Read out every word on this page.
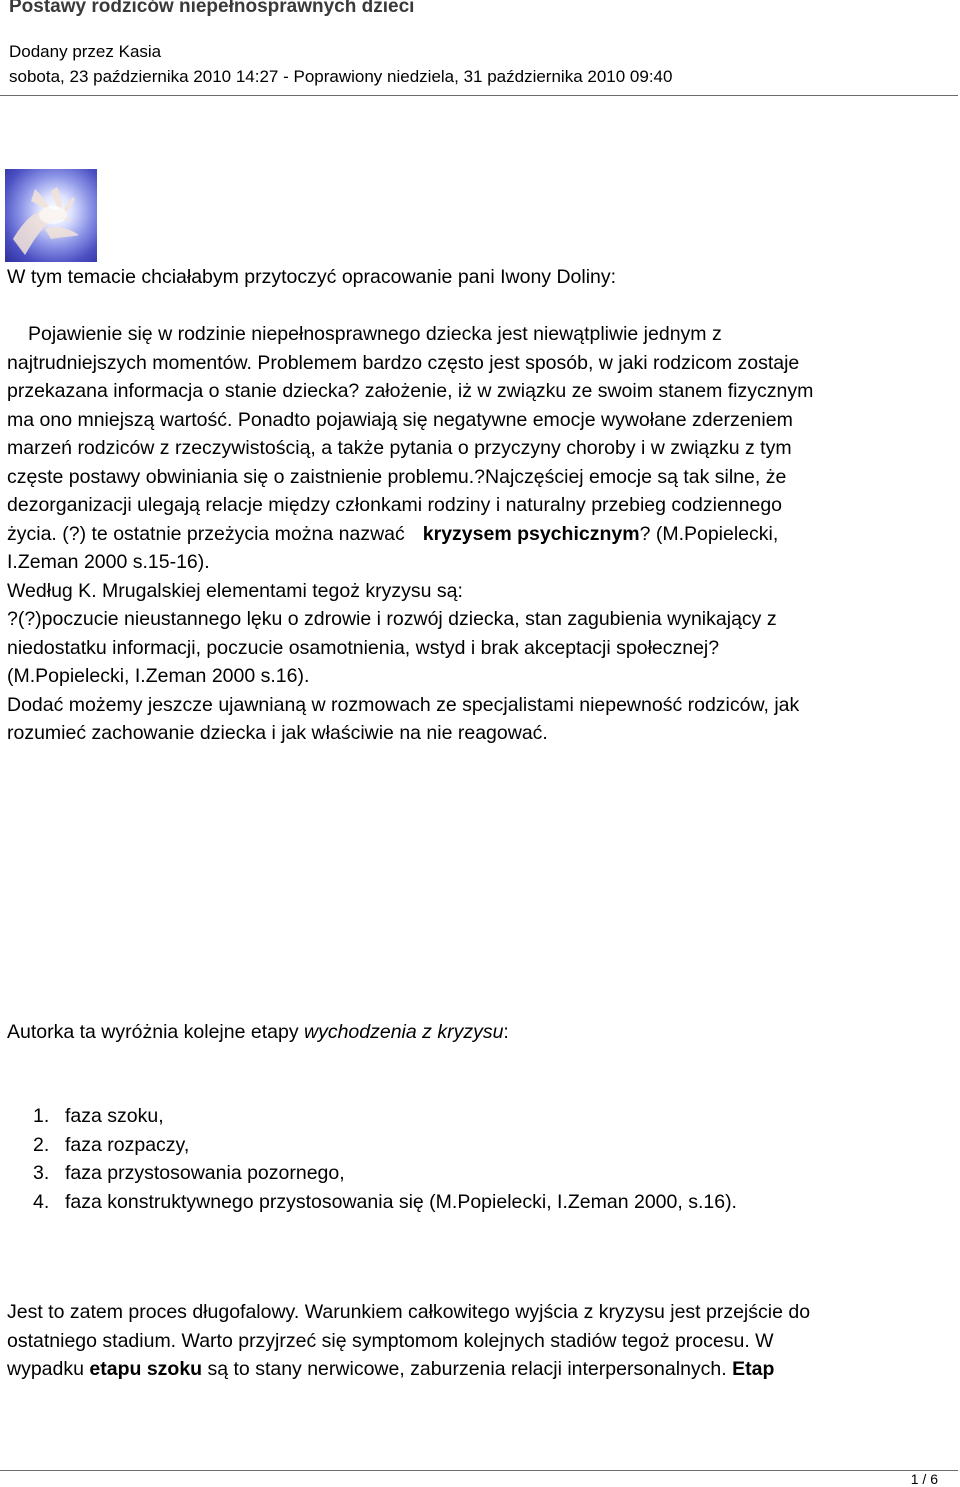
Postawy rodziców niepełnosprawnych dzieci
Dodany przez Kasia
sobota, 23 października 2010 14:27 - Poprawiony niedziela, 31 października 2010 09:40
W tym temacie chciałabym przytoczyć opracowanie pani Iwony Doliny:
Pojawienie się w rodzinie niepełnosprawnego dziecka jest niewątpliwie jednym z
najtrudniejszych momentów. Problemem bardzo często jest sposób, w jaki rodzicom zostaje
przekazana informacja o stanie dziecka? założenie, iż w związku ze swoim stanem fizycznym
ma ono mniejszą wartość. Ponadto pojawiają się negatywne emocje wywołane zderzeniem
marzeń rodziców z rzeczywistością, a także pytania o przyczyny choroby i w związku z tym
częste postawy obwiniania się o zaistnienie problemu.?Najczęściej emocje są tak silne, że
dezorganizacji ulegają relacje między członkami rodziny i naturalny przebieg codziennego
życia. (?) te ostatnie przeżycia można nazwać kryzysem psychicznym? (M.Popielecki,
I.Zeman 2000 s.15-16).
Według K. Mrugalskiej elementami tegoż kryzysu są:
?(?)poczucie nieustannego lęku o zdrowie i rozwój dziecka, stan zagubienia wynikający z
niedostatku informacji, poczucie osamotnienia, wstyd i brak akceptacji społecznej?
(M.Popielecki, I.Zeman 2000 s.16).
Dodać możemy jeszcze ujawnianą w rozmowach ze specjalistami niepewność rodziców, jak
rozumieć zachowanie dziecka i jak właściwie na nie reagować.
Autorka ta wyróżnia kolejne etapy wychodzenia z kryzysu:
1. faza szoku,
2. faza rozpaczy,
3. faza przystosowania pozornego,
4. faza konstruktywnego przystosowania się (M.Popielecki, I.Zeman 2000, s.16).
Jest to zatem proces długofalowy. Warunkiem całkowitego wyjścia z kryzysu jest przejście do
ostatniego stadium. Warto przyjrzeć się symptomom kolejnych stadiów tegoż procesu. W
wypadku etapu szoku są to stany nerwicowe, zaburzenia relacji interpersonalnych. Etap
1 / 6
